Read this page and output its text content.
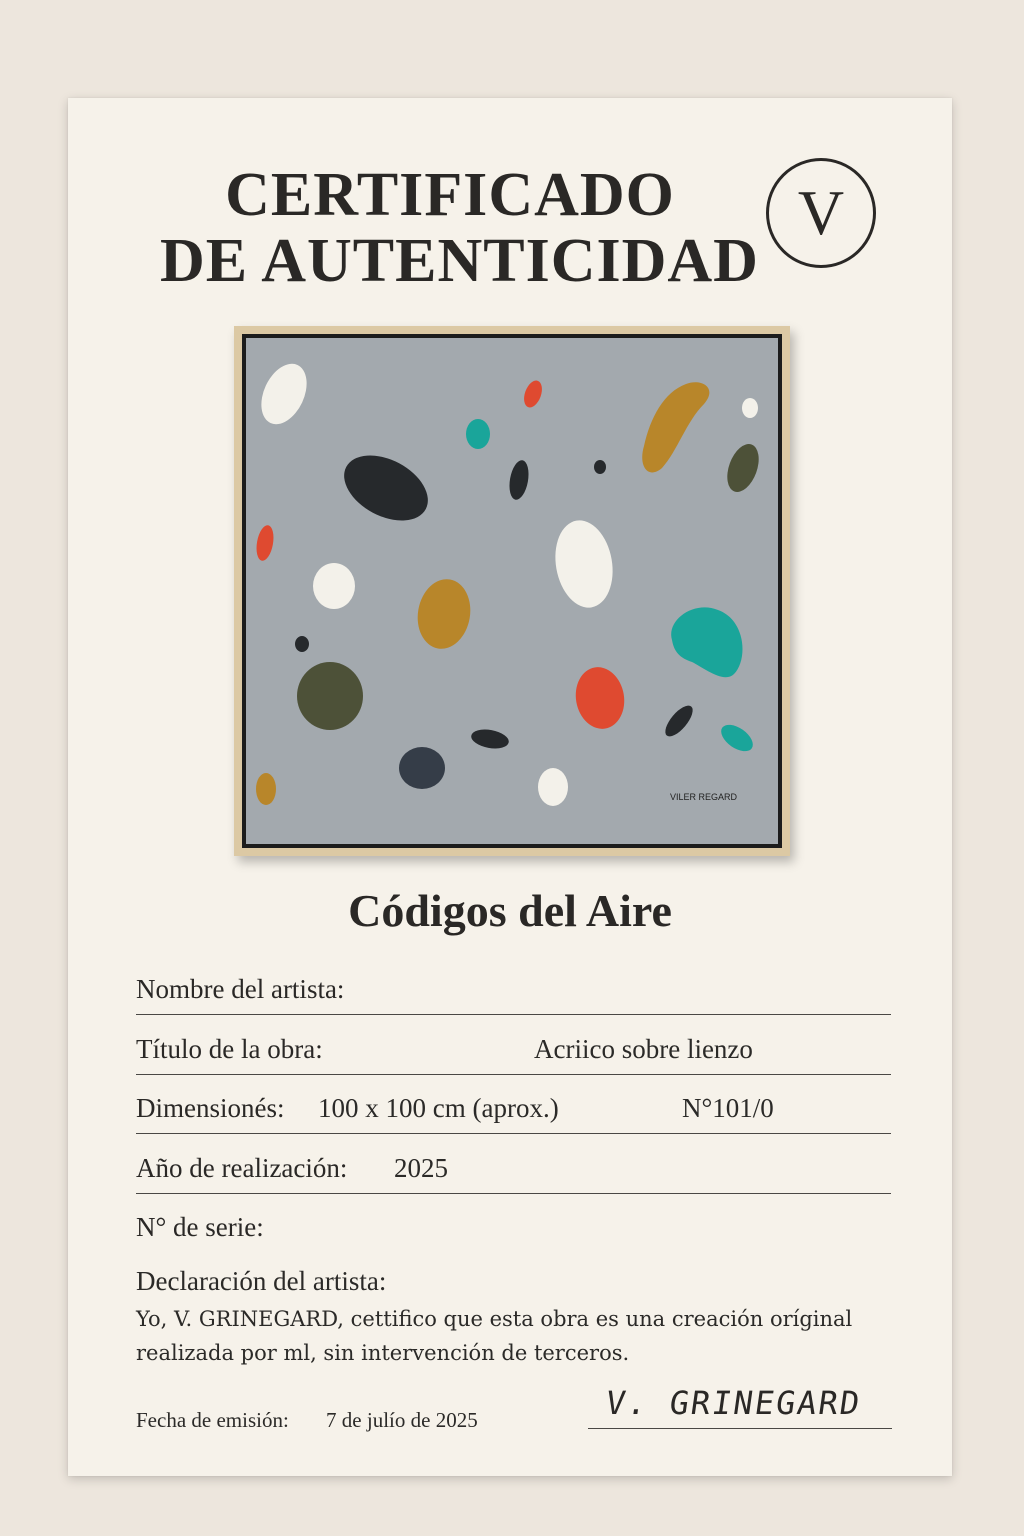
CERTIFICADO
DE AUTENTICIDAD
V
VILER REGARD
Códigos del Aire
Nombre del artista:
Título de la obra:	Acriico sobre lienzo
Dimensionés: 100 x 100 cm (aprox.)	N°101/0
Año de realización: 2025
N° de serie:
Declaración del artista:
Yo, V. GRINEGARD, cettifico que esta obra es una creación oríginal realizada por ml, sin intervención de terceros.
Fecha de emisión: 7 de julío de 2025	V. GRINEGARD
